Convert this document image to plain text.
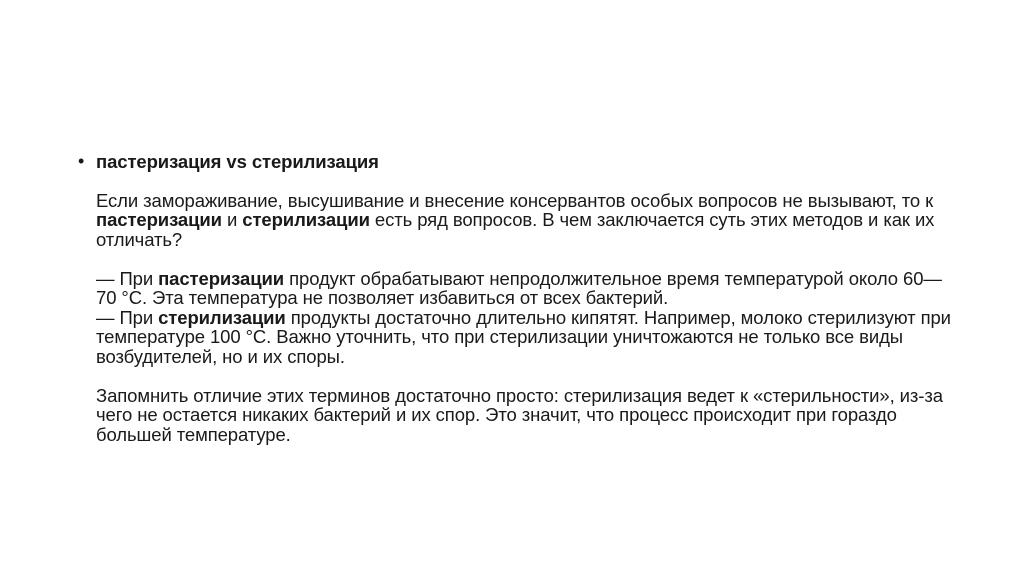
• пастеризация vs стерилизация

Если замораживание, высушивание и внесение консервантов особых вопросов не вызывают, то к пастеризации и стерилизации есть ряд вопросов. В чем заключается суть этих методов и как их отличать?

— При пастеризации продукт обрабатывают непродолжительное время температурой около 60—70 °С. Эта температура не позволяет избавиться от всех бактерий.

— При стерилизации продукты достаточно длительно кипятят. Например, молоко стерилизуют при температуре 100 °С. Важно уточнить, что при стерилизации уничтожаются не только все виды возбудителей, но и их споры.

Запомнить отличие этих терминов достаточно просто: стерилизация ведет к «стерильности», из-за чего не остается никаких бактерий и их спор. Это значит, что процесс происходит при гораздо большей температуре.
